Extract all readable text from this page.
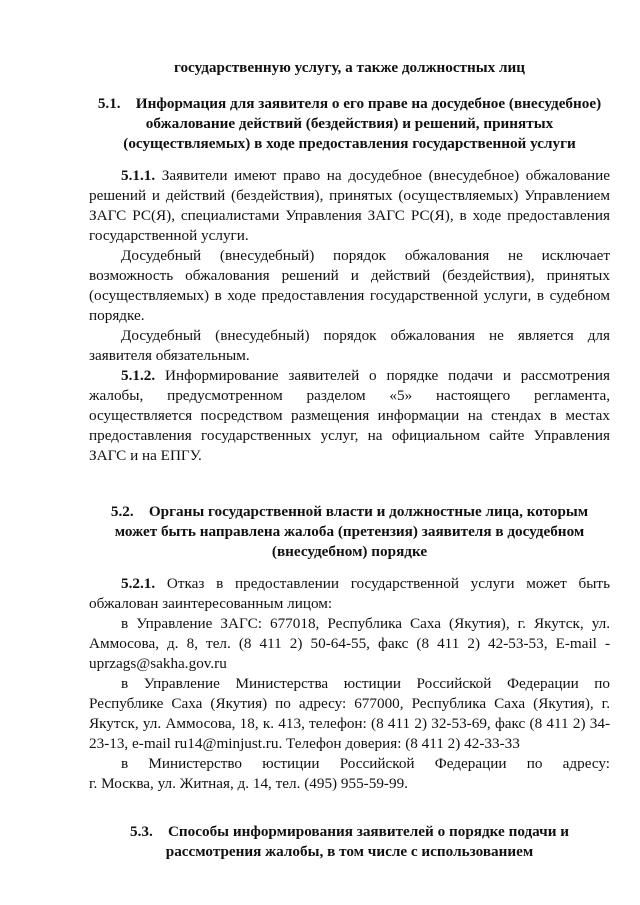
государственную услугу, а также должностных лиц
5.1. Информация для заявителя о его праве на досудебное (внесудебное) обжалование действий (бездействия) и решений, принятых (осуществляемых) в ходе предоставления государственной услуги

5.1.1. Заявители имеют право на досудебное (внесудебное) обжалование решений и действий (бездействия), принятых (осуществляемых) Управлением ЗАГС РС(Я), специалистами Управления ЗАГС РС(Я), в ходе предоставления государственной услуги.

Досудебный (внесудебный) порядок обжалования не исключает возможность обжалования решений и действий (бездействия), принятых (осуществляемых) в ходе предоставления государственной услуги, в судебном порядке.

Досудебный (внесудебный) порядок обжалования не является для заявителя обязательным.

5.1.2. Информирование заявителей о порядке подачи и рассмотрения жалобы, предусмотренном разделом «5» настоящего регламента, осуществляется посредством размещения информации на стендах в местах предоставления государственных услуг, на официальном сайте Управления ЗАГС и на ЕПГУ.

5.2. Органы государственной власти и должностные лица, которым может быть направлена жалоба (претензия) заявителя в досудебном (внесудебном) порядке

5.2.1. Отказ в предоставлении государственной услуги может быть обжалован заинтересованным лицом:

в Управление ЗАГС: 677018, Республика Саха (Якутия), г. Якутск, ул. Аммосова, д. 8, тел. (8 411 2) 50-64-55, факс (8 411 2) 42-53-53, E-mail - uprzags@sakha.gov.ru

в Управление Министерства юстиции Российской Федерации по Республике Саха (Якутия) по адресу: 677000, Республика Саха (Якутия), г. Якутск, ул. Аммосова, 18, к. 413, телефон: (8 411 2) 32-53-69, факс (8 411 2) 34-23-13, e-mail ru14@minjust.ru. Телефон доверия: (8 411 2) 42-33-33

в Министерство юстиции Российской Федерации по адресу:

г. Москва, ул. Житная, д. 14, тел. (495) 955-59-99.

5.3. Способы информирования заявителей о порядке подачи и рассмотрения жалобы, в том числе с использованием
